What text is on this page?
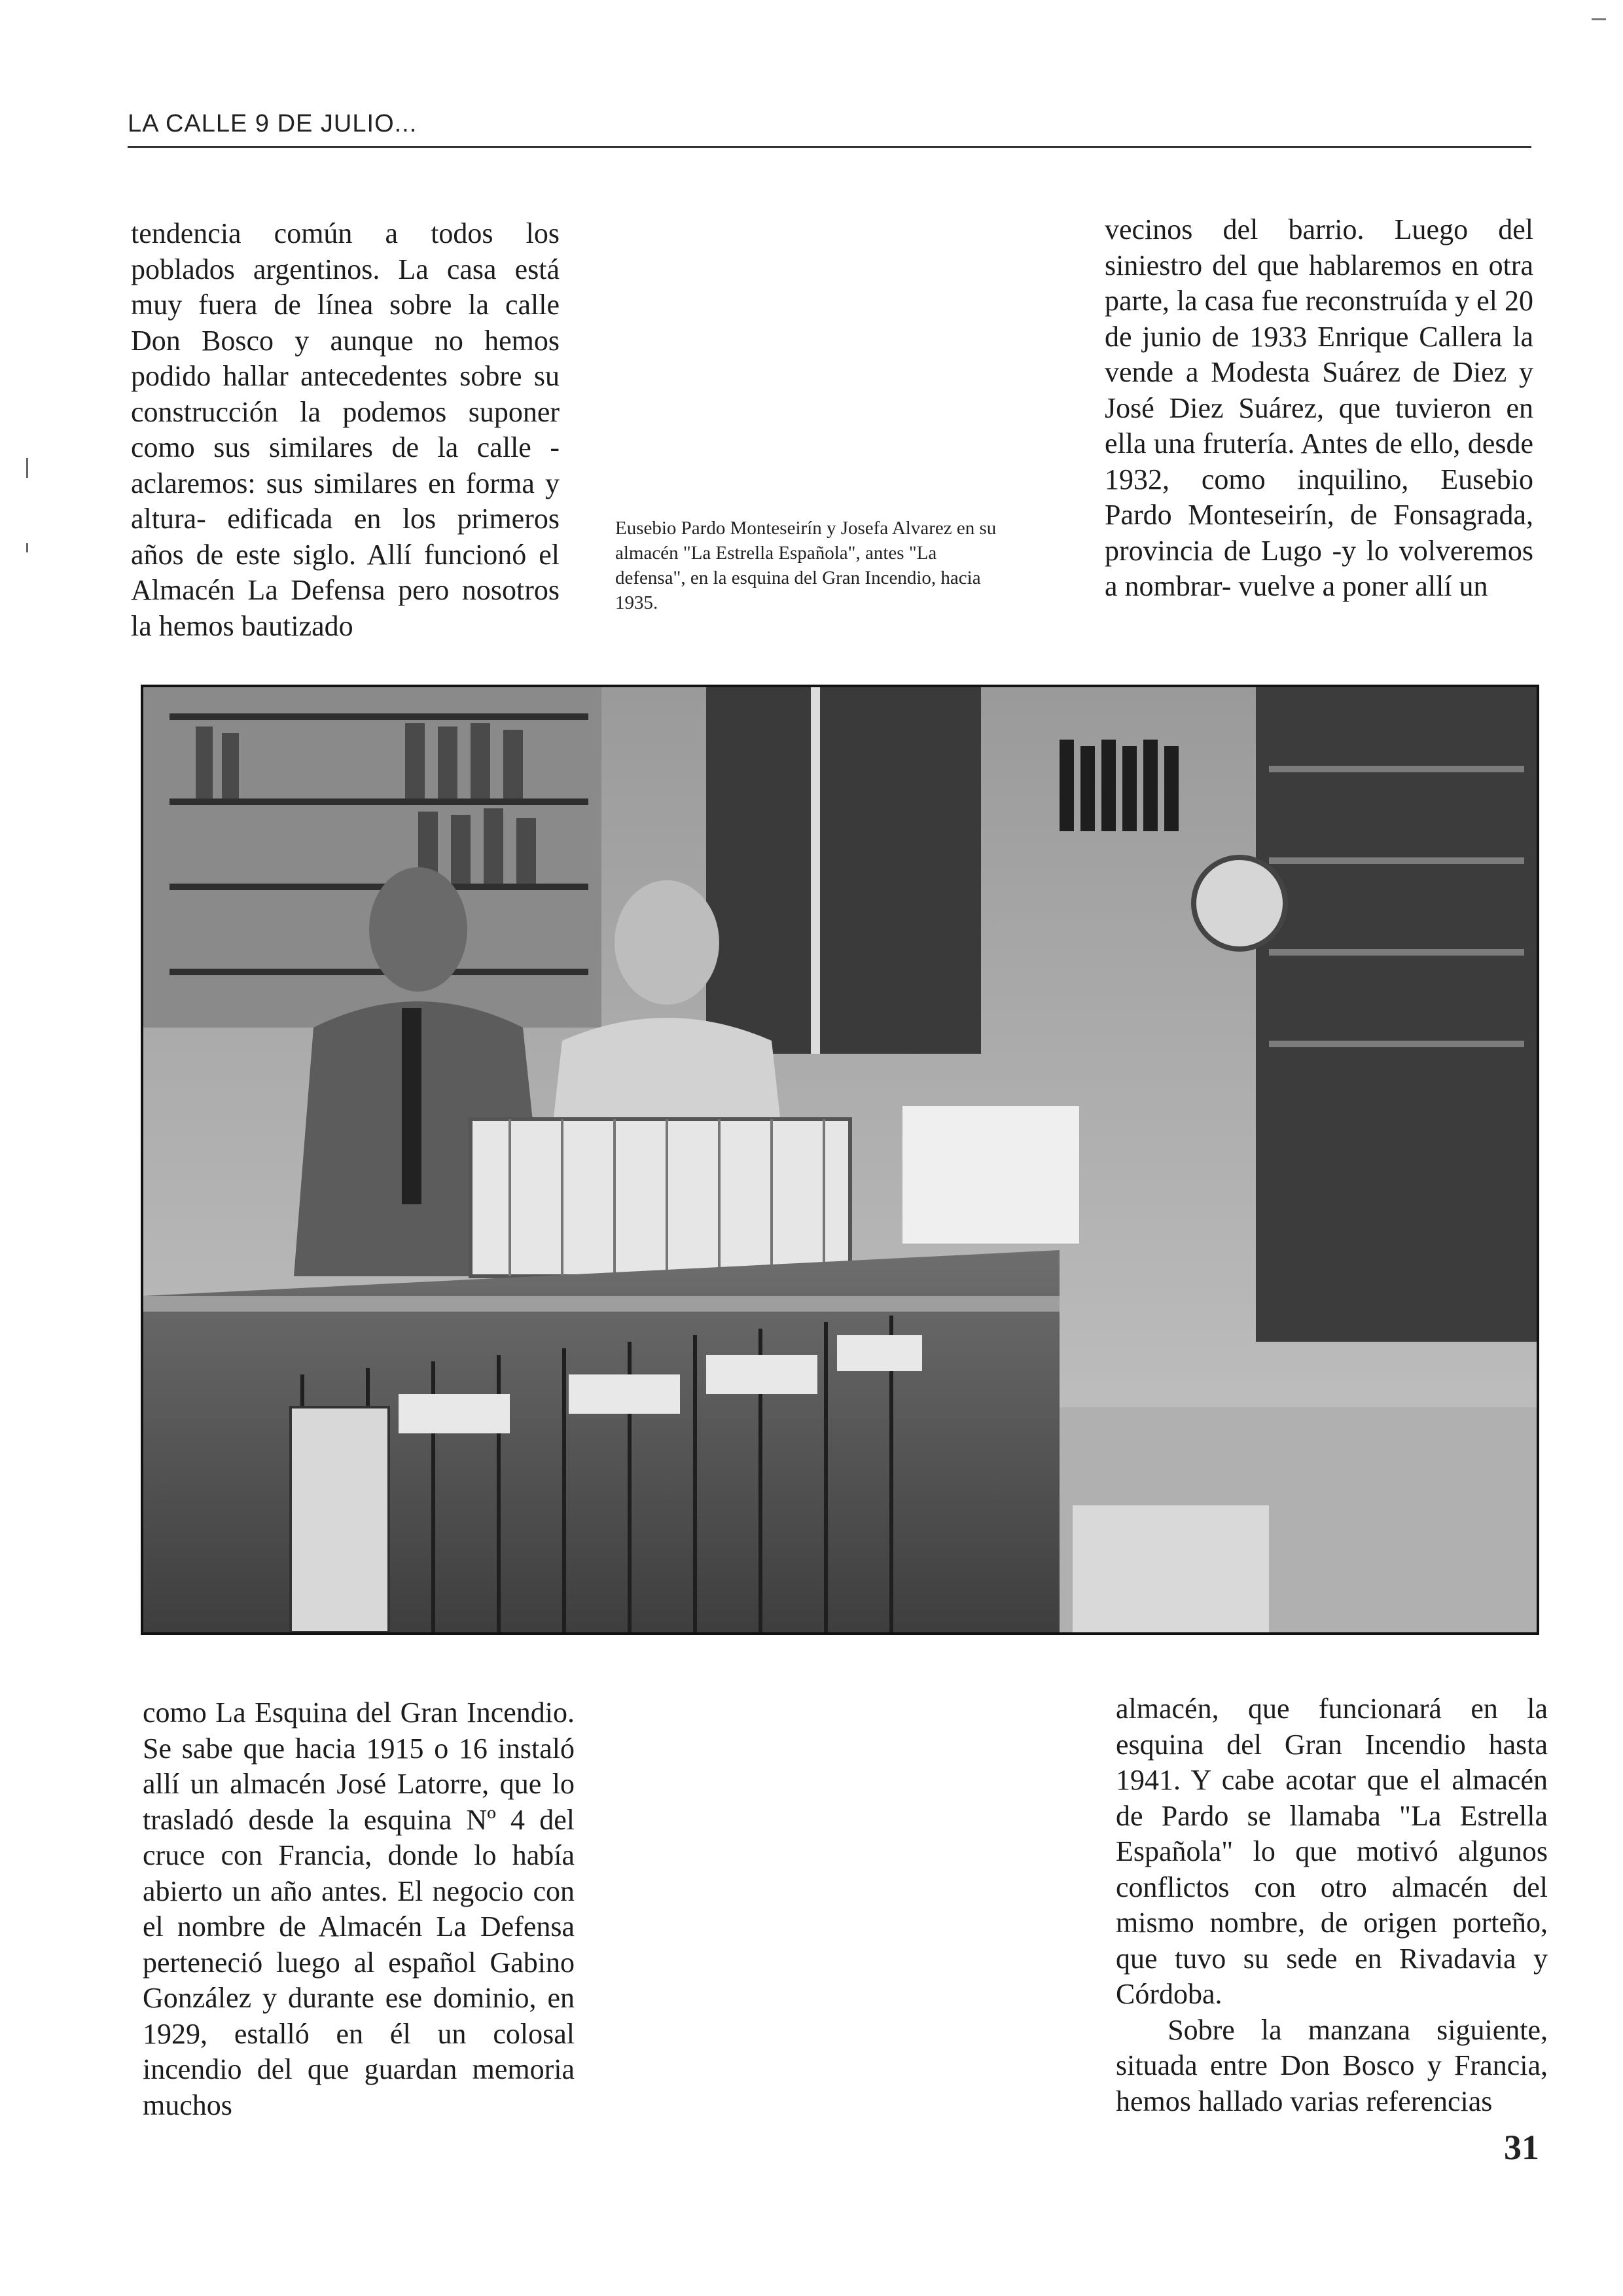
LA CALLE 9 DE JULIO...

tendencia común a todos los poblados argentinos. La casa está muy fuera de línea sobre la calle Don Bosco y aunque no hemos podido hallar antecedentes sobre su construcción la podemos suponer como sus similares de la calle -aclaremos: sus similares en forma y altura- edificada en los primeros años de este siglo. Allí funcionó el Almacén La Defensa pero nosotros la hemos bautizado

Eusebio Pardo Monteseirín y Josefa Alvarez en su almacén "La Estrella Española", antes "La defensa", en la esquina del Gran Incendio, hacia 1935.

vecinos del barrio. Luego del siniestro del que hablaremos en otra parte, la casa fue reconstruída y el 20 de junio de 1933 Enrique Callera la vende a Modesta Suárez de Diez y José Diez Suárez, que tuvieron en ella una frutería. Antes de ello, desde 1932, como inquilino, Eusebio Pardo Monteseirín, de Fonsagrada, provincia de Lugo -y lo volveremos a nombrar- vuelve a poner allí un

como La Esquina del Gran Incendio. Se sabe que hacia 1915 o 16 instaló allí un almacén José Latorre, que lo trasladó desde la esquina Nº 4 del cruce con Francia, donde lo había abierto un año antes. El negocio con el nombre de Almacén La Defensa perteneció luego al español Gabino González y durante ese dominio, en 1929, estalló en él un colosal incendio del que guardan memoria muchos

almacén, que funcionará en la esquina del Gran Incendio hasta 1941. Y cabe acotar que el almacén de Pardo se llamaba "La Estrella Española" lo que motivó algunos conflictos con otro almacén del mismo nombre, de origen porteño, que tuvo su sede en Rivadavia y Córdoba.

Sobre la manzana siguiente, situada entre Don Bosco y Francia, hemos hallado varias referencias

31
